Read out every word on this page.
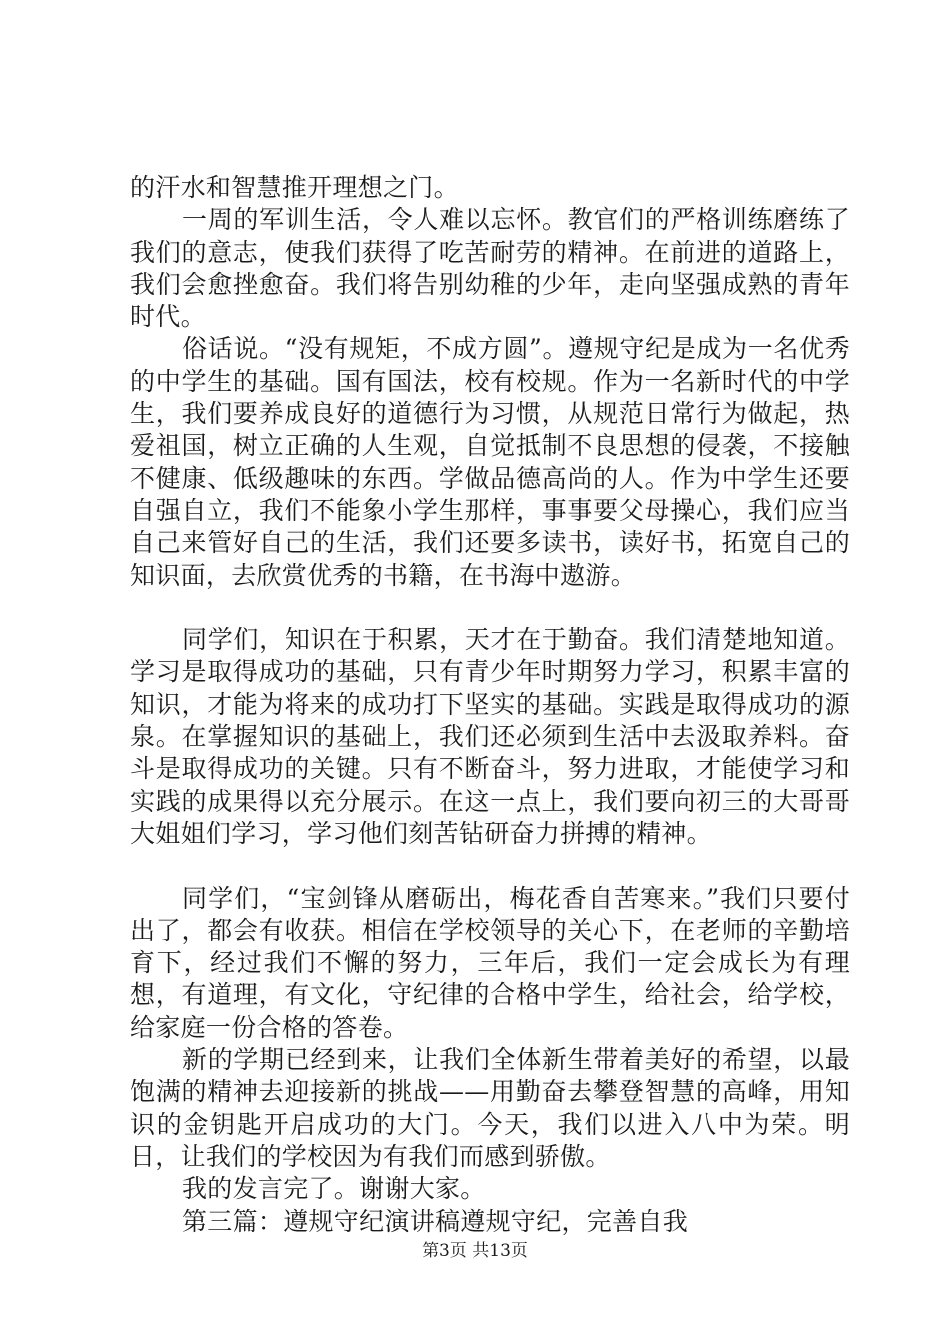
的汗水和智慧推开理想之门。

一周的军训生活，令人难以忘怀。教官们的严格训练磨练了我们的意志，使我们获得了吃苦耐劳的精神。在前进的道路上，我们会愈挫愈奋。我们将告别幼稚的少年，走向坚强成熟的青年时代。

俗话说。“没有规矩，不成方圆”。遵规守纪是成为一名优秀的中学生的基础。国有国法，校有校规。作为一名新时代的中学生，我们要养成良好的道德行为习惯，从规范日常行为做起，热爱祖国，树立正确的人生观，自觉抵制不良思想的侵袭，不接触不健康、低级趣味的东西。学做品德高尚的人。作为中学生还要自强自立，我们不能象小学生那样，事事要父母操心，我们应当自己来管好自己的生活，我们还要多读书，读好书，拓宽自己的知识面，去欣赏优秀的书籍，在书海中遨游。

同学们，知识在于积累，天才在于勤奋。我们清楚地知道。学习是取得成功的基础，只有青少年时期努力学习，积累丰富的知识，才能为将来的成功打下坚实的基础。实践是取得成功的源泉。在掌握知识的基础上，我们还必须到生活中去汲取养料。奋斗是取得成功的关键。只有不断奋斗，努力进取，才能使学习和实践的成果得以充分展示。在这一点上，我们要向初三的大哥哥大姐姐们学习，学习他们刻苦钻研奋力拼搏的精神。

同学们，“宝剑锋从磨砺出，梅花香自苦寒来。”我们只要付出了，都会有收获。相信在学校领导的关心下，在老师的辛勤培育下，经过我们不懈的努力，三年后，我们一定会成长为有理想，有道理，有文化，守纪律的合格中学生，给社会，给学校，给家庭一份合格的答卷。

新的学期已经到来，让我们全体新生带着美好的希望，以最饱满的精神去迎接新的挑战——用勤奋去攀登智慧的高峰，用知识的金钥匙开启成功的大门。今天，我们以进入八中为荣。明日，让我们的学校因为有我们而感到骄傲。

我的发言完了。谢谢大家。

第三篇：遵规守纪演讲稿遵规守纪，完善自我

第3页 共13页
